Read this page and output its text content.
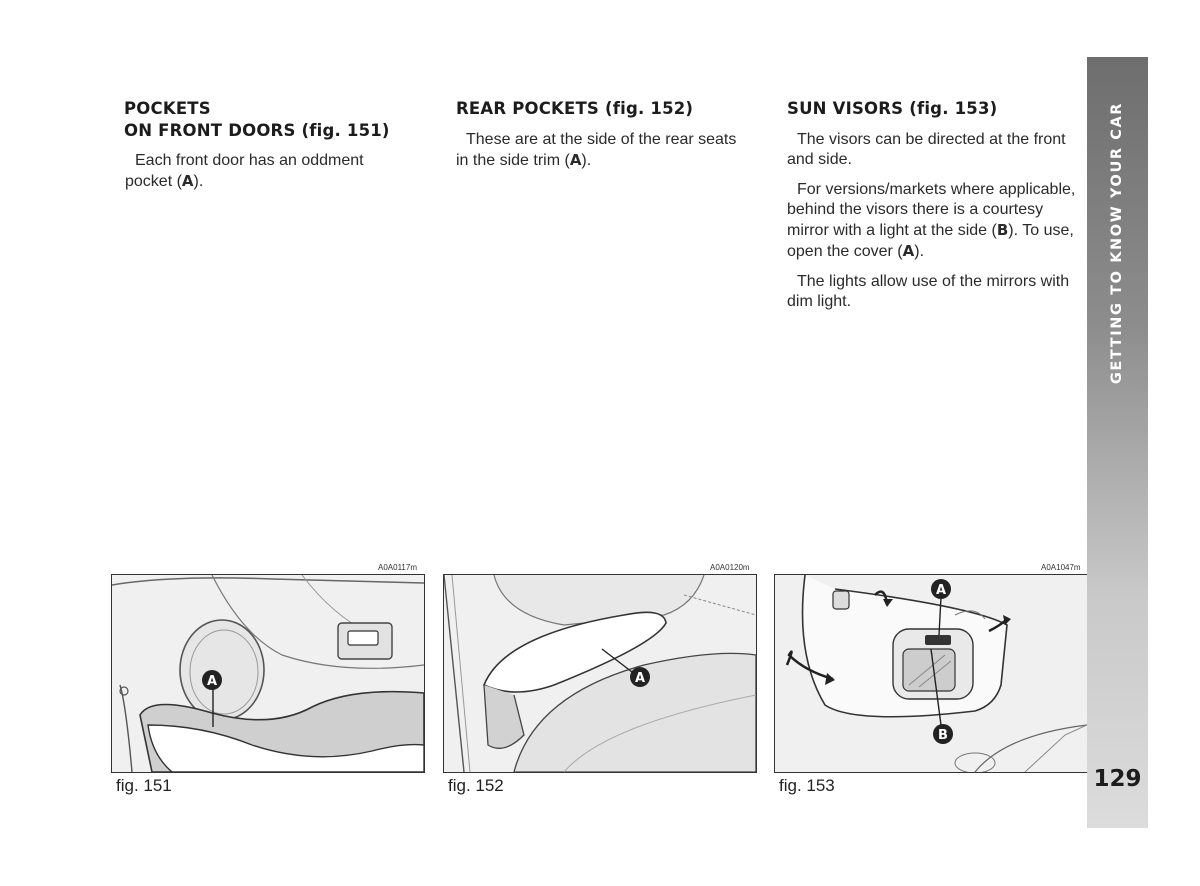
POCKETS
ON FRONT DOORS (fig. 151)

Each front door has an oddment pocket (A).

REAR POCKETS (fig. 152)

These are at the side of the rear seats in the side trim (A).

SUN VISORS (fig. 153)

The visors can be directed at the front and side.

For versions/markets where applicable, behind the visors there is a courtesy mirror with a light at the side (B). To use, open the cover (A).

The lights allow use of the mirrors with dim light.

A0A0117m
A
fig. 151
A0A0120m
A
fig. 152
A0A1047m
A
B
fig. 153
GETTING TO KNOW YOUR CAR
129
